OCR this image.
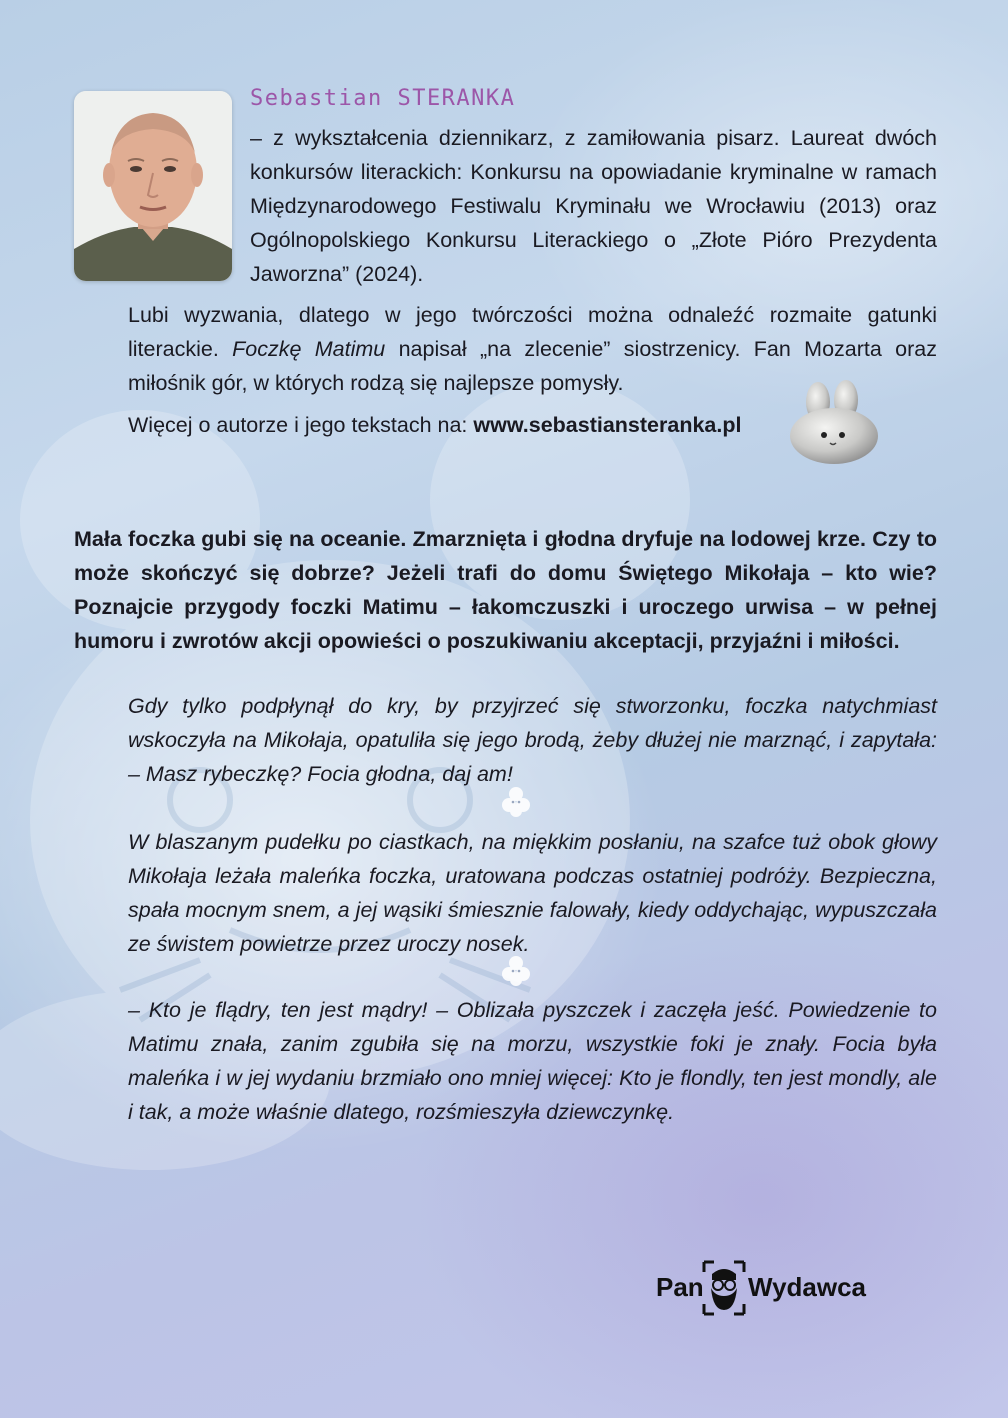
Sebastian STERANKA

– z wykształcenia dziennikarz, z zamiłowania pisarz. Laureat dwóch konkursów literackich: Konkursu na opowiadanie kryminalne w ramach Międzynarodowego Festiwalu Kryminału we Wrocławiu (2013) oraz Ogólnopolskiego Konkursu Literackiego o „Złote Pióro Prezydenta Jaworzna” (2024).

Lubi wyzwania, dlatego w jego twórczości można odnaleźć rozmaite gatunki literackie. Foczkę Matimu napisał „na zlecenie” siostrzenicy. Fan Mozarta oraz miłośnik gór, w których rodzą się najlepsze pomysły.

Więcej o autorze i jego tekstach na: www.sebastiansteranka.pl

Mała foczka gubi się na oceanie. Zmarznięta i głodna dryfuje na lodowej krze. Czy to może skończyć się dobrze? Jeżeli trafi do domu Świętego Mikołaja – kto wie? Poznajcie przygody foczki Matimu – łakomczuszki i uroczego urwisa – w pełnej humoru i zwrotów akcji opowieści o poszukiwaniu akceptacji, przyjaźni i miłości.

Gdy tylko podpłynął do kry, by przyjrzeć się stworzonku, foczka natychmiast wskoczyła na Mikołaja, opatuliła się jego brodą, żeby dłużej nie marznąć, i zapytała: – Masz rybeczkę? Focia głodna, daj am!

W blaszanym pudełku po ciastkach, na miękkim posłaniu, na szafce tuż obok głowy Mikołaja leżała maleńka foczka, uratowana podczas ostatniej podróży. Bezpieczna, spała mocnym snem, a jej wąsiki śmiesznie falowały, kiedy oddychając, wypuszczała ze świstem powietrze przez uroczy nosek.

– Kto je flądry, ten jest mądry! – Oblizała pyszczek i zaczęła jeść. Powiedzenie to Matimu znała, zanim zgubiła się na morzu, wszystkie foki je znały. Focia była maleńka i w jej wydaniu brzmiało ono mniej więcej: Kto je flondly, ten jest mondly, ale i tak, a może właśnie dlatego, rozśmieszyła dziewczynkę.

Pan Wydawca
